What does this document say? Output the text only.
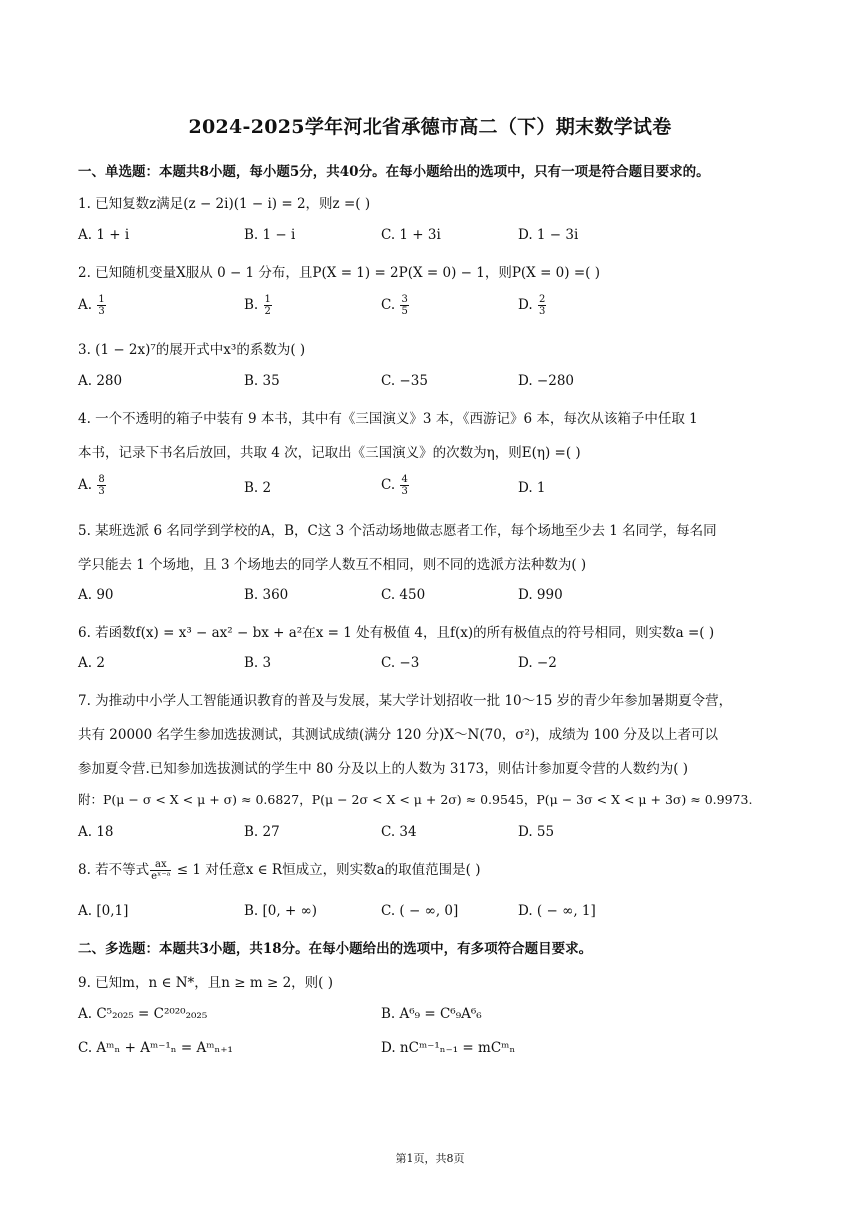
2024-2025学年河北省承德市高二（下）期末数学试卷
一、单选题：本题共8小题，每小题5分，共40分。在每小题给出的选项中，只有一项是符合题目要求的。
1. 已知复数z满足(z − 2i)(1 − i) = 2，则z =( )
A. 1 + i	B. 1 − i	C. 1 + 3i	D. 1 − 3i
2. 已知随机变量X服从 0 − 1 分布，且P(X = 1) = 2P(X = 0) − 1，则P(X = 0) =( )
A. $\frac{1}{3}$	B. $\frac{1}{2}$	C. $\frac{3}{5}$	D. $\frac{2}{3}$
3. (1 − 2x)⁷的展开式中x³的系数为( )
A. 280	B. 35	C. −35	D. −280
4. 一个不透明的箱子中装有 9 本书，其中有《三国演义》3 本，《西游记》6 本，每次从该箱子中任取 1
本书，记录下书名后放回，共取 4 次，记取出《三国演义》的次数为η，则E(η) =( )
A. $\frac{8}{3}$	B. 2	C. $\frac{4}{3}$	D. 1
5. 某班选派 6 名同学到学校的A，B，C这 3 个活动场地做志愿者工作，每个场地至少去 1 名同学，每名同
学只能去 1 个场地，且 3 个场地去的同学人数互不相同，则不同的选派方法种数为( )
A. 90	B. 360	C. 450	D. 990
6. 若函数f(x) = x³ − ax² − bx + a²在x = 1 处有极值 4，且f(x)的所有极值点的符号相同，则实数a =( )
A. 2	B. 3	C. −3	D. −2
7. 为推动中小学人工智能通识教育的普及与发展，某大学计划招收一批 10～15 岁的青少年参加暑期夏令营，
共有 20000 名学生参加选拔测试，其测试成绩(满分 120 分)X～N(70，σ²)，成绩为 100 分及以上者可以
参加夏令营.已知参加选拔测试的学生中 80 分及以上的人数为 3173，则估计参加夏令营的人数约为( )
附：P(μ − σ < X < μ + σ) ≈ 0.6827，P(μ − 2σ < X < μ + 2σ) ≈ 0.9545，P(μ − 3σ < X < μ + 3σ) ≈ 0.9973.
A. 18	B. 27	C. 34	D. 55
8. 若不等式 $\frac{ax}{\text{eˣ⁻ᵃ}} \le 1$ 对任意x ∈ R恒成立，则实数a的取值范围是( )
A. [0,1]	B. [0, + ∞)	C. ( − ∞, 0]	D. ( − ∞, 1]
二、多选题：本题共3小题，共18分。在每小题给出的选项中，有多项符合题目要求。
9. 已知m，n ∈ N*，且n ≥ m ≥ 2，则( )
A. C⁵₂₀₂₅ = C²⁰²⁰₂₀₂₅	B. A⁶₉ = C⁶₉A⁶₆
C. Aᵐₙ + Aᵐ⁻¹ₙ = Aᵐₙ₊₁	D. nCᵐ⁻¹ₙ₋₁ = mCᵐₙ
第1页，共8页
